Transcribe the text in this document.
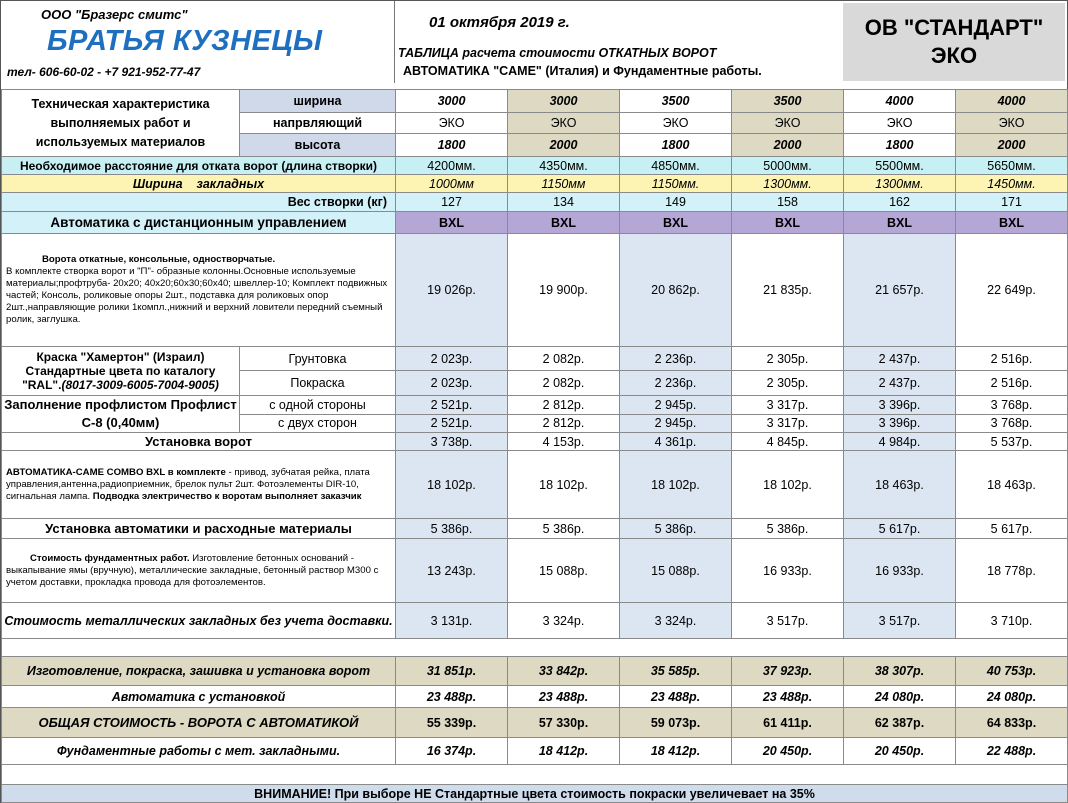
ООО "Бразерс смитс"
БРАТЬЯ КУЗНЕЦЫ
тел- 606-60-02 - +7 921-952-77-47
01 октября 2019 г.
ТАБЛИЦА расчета стоимости ОТКАТНЫХ ВОРОТ
АВТОМАТИКА "CAME" (Италия) и Фундаментные работы.
ОВ "СТАНДАРТ"
ЭКО
Техническая характеристика выполняемых работ и используемых материалов	ширина	3000	3000	3500	3500	4000	4000
	напрвляющий	ЭКО	ЭКО	ЭКО	ЭКО	ЭКО	ЭКО
	высота	1800	2000	1800	2000	1800	2000
Необходимое расстояние для отката ворот (длина створки)		4200мм.	4350мм.	4850мм.	5000мм.	5500мм.	5650мм.
Ширина    закладных		1000мм	1150мм	1150мм.	1300мм.	1300мм.	1450мм.
Вес створки (кг)		127	134	149	158	162	171
Автоматика с дистанционным управлением		BXL	BXL	BXL	BXL	BXL	BXL

Ворота откатные, консольные, одностворчатые.
В комплекте створка ворот и "П"- образные колонны.Основные используемые материалы;профтруба- 20х20; 40х20;60х30;60х40; швеллер-10; Комплект подвижных частей; Консоль, роликовые опоры 2шт., подставка для роликовых опор 2шт.,направляющие ролики 1компл.,нижний и верхний ловители передний съемный ролик, заглушка.		19 026р.	19 900р.	20 862р.	21 835р.	21 657р.	22 649р.
Краска "Хамертон" (Израил) Стандартные цвета по каталогу "RAL".(8017-3009-6005-7004-9005)	Грунтовка	2 023р.	2 082р.	2 236р.	2 305р.	2 437р.	2 516р.
	Покраска	2 023р.	2 082р.	2 236р.	2 305р.	2 437р.	2 516р.
Заполнение профлистом Профлист С-8 (0,40мм)	с одной стороны	2 521р.	2 812р.	2 945р.	3 317р.	3 396р.	3 768р.
	с двух сторон	2 521р.	2 812р.	2 945р.	3 317р.	3 396р.	3 768р.
Установка ворот		3 738р.	4 153р.	4 361р.	4 845р.	4 984р.	5 537р.
АВТОМАТИКА-CAME COMBO BXL в комплекте - привод, зубчатая рейка, плата управления,антенна,радиоприемник, брелок пульт 2шт. Фотоэлементы DIR-10, сигнальная лампа. Подводка электричество к воротам выполняет заказчик		18 102р.	18 102р.	18 102р.	18 102р.	18 463р.	18 463р.
Установка автоматики и расходные материалы		5 386р.	5 386р.	5 386р.	5 386р.	5 617р.	5 617р.
Стоимость фундаментных работ. Изготовление бетонных оснований - выкапывание ямы (вручную), металлические закладные, бетонный раствор М300 с учетом доставки, прокладка провода для фотоэлементов.		13 243р.	15 088р.	15 088р.	16 933р.	16 933р.	18 778р.
Стоимость металлических закладных без учета доставки.		3 131р.	3 324р.	3 324р.	3 517р.	3 517р.	3 710р.

Изготовление, покраска, зашивка и установка ворот		31 851р.	33 842р.	35 585р.	37 923р.	38 307р.	40 753р.
Автоматика с установкой		23 488р.	23 488р.	23 488р.	23 488р.	24 080р.	24 080р.
ОБЩАЯ СТОИМОСТЬ - ВОРОТА С АВТОМАТИКОЙ		55 339р.	57 330р.	59 073р.	61 411р.	62 387р.	64 833р.
Фундаментные работы с мет. закладными.		16 374р.	18 412р.	18 412р.	20 450р.	20 450р.	22 488р.

ВНИМАНИЕ! При выборе НЕ Стандартные цвета стоимость покраски увеличевает на 35%							
